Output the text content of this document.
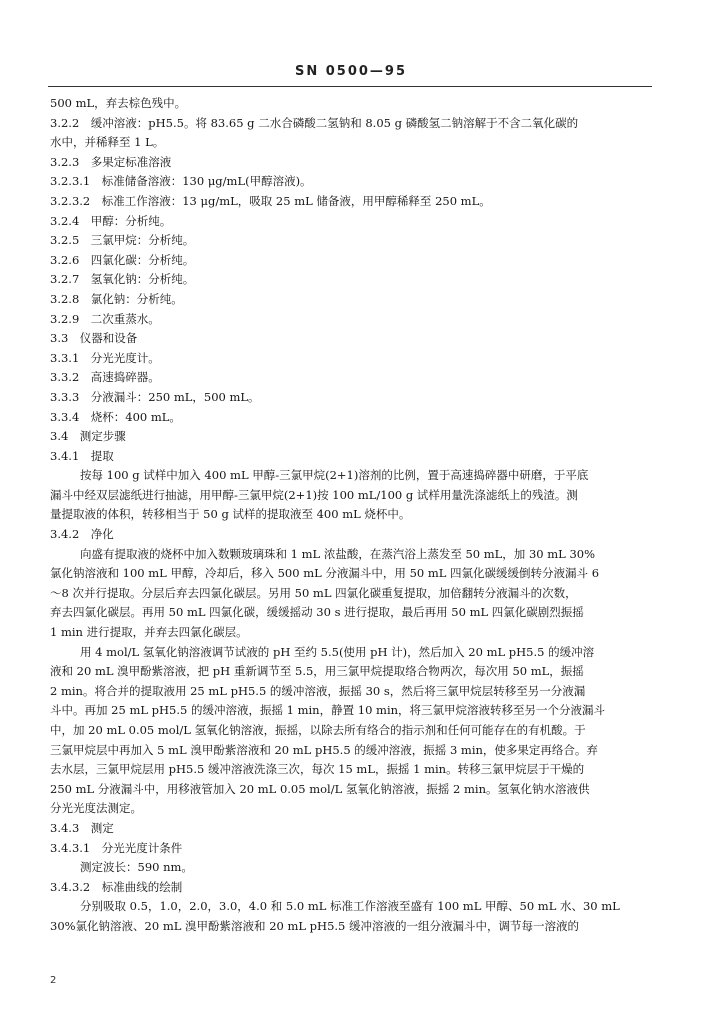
SN 0500—95
500 mL，弃去棕色残中。
3.2.2　缓冲溶液：pH5.5。将 83.65 g 二水合磷酸二氢钠和 8.05 g 磷酸氢二钠溶解于不含二氧化碳的
水中，并稀释至 1 L。
3.2.3　多果定标准溶液
3.2.3.1　标准储备溶液：130 μg/mL(甲醇溶液)。
3.2.3.2　标准工作溶液：13 μg/mL，吸取 25 mL 储备液，用甲醇稀释至 250 mL。
3.2.4　甲醇：分析纯。
3.2.5　三氯甲烷：分析纯。
3.2.6　四氯化碳：分析纯。
3.2.7　氢氧化钠：分析纯。
3.2.8　氯化钠：分析纯。
3.2.9　二次重蒸水。
3.3　仪器和设备
3.3.1　分光光度计。
3.3.2　高速捣碎器。
3.3.3　分液漏斗：250 mL，500 mL。
3.3.4　烧杯：400 mL。
3.4　测定步骤
3.4.1　提取
按每 100 g 试样中加入 400 mL 甲醇-三氯甲烷(2+1)溶剂的比例，置于高速捣碎器中研磨，于平底
漏斗中经双层滤纸进行抽滤，用甲醇-三氯甲烷(2+1)按 100 mL/100 g 试样用量洗涤滤纸上的残渣。测
量提取液的体积，转移相当于 50 g 试样的提取液至 400 mL 烧杯中。
3.4.2　净化
向盛有提取液的烧杯中加入数颗玻璃珠和 1 mL 浓盐酸，在蒸汽浴上蒸发至 50 mL，加 30 mL 30%
氯化钠溶液和 100 mL 甲醇，冷却后，移入 500 mL 分液漏斗中，用 50 mL 四氯化碳缓缓倒转分液漏斗 6
～8 次并行提取。分层后弃去四氯化碳层。另用 50 mL 四氯化碳重复提取，加倍翻转分液漏斗的次数，
弃去四氯化碳层。再用 50 mL 四氯化碳，缓缓摇动 30 s 进行提取，最后再用 50 mL 四氯化碳剧烈振摇
1 min 进行提取，并弃去四氯化碳层。
用 4 mol/L 氢氧化钠溶液调节试液的 pH 至约 5.5(使用 pH 计)，然后加入 20 mL pH5.5 的缓冲溶
液和 20 mL 溴甲酚紫溶液，把 pH 重新调节至 5.5，用三氯甲烷提取络合物两次，每次用 50 mL，振摇
2 min。将合并的提取液用 25 mL pH5.5 的缓冲溶液，振摇 30 s，然后将三氯甲烷层转移至另一分液漏
斗中。再加 25 mL pH5.5 的缓冲溶液，振摇 1 min，静置 10 min，将三氯甲烷溶液转移至另一个分液漏斗
中，加 20 mL 0.05 mol/L 氢氧化钠溶液，振摇，以除去所有络合的指示剂和任何可能存在的有机酸。于
三氯甲烷层中再加入 5 mL 溴甲酚紫溶液和 20 mL pH5.5 的缓冲溶液，振摇 3 min，使多果定再络合。弃
去水层，三氯甲烷层用 pH5.5 缓冲溶液洗涤三次，每次 15 mL，振摇 1 min。转移三氯甲烷层于干燥的
250 mL 分液漏斗中，用移液管加入 20 mL 0.05 mol/L 氢氧化钠溶液，振摇 2 min。氢氧化钠水溶液供
分光光度法测定。
3.4.3　测定
3.4.3.1　分光光度计条件
测定波长：590 nm。
3.4.3.2　标准曲线的绘制
分别吸取 0.5，1.0，2.0，3.0，4.0 和 5.0 mL 标准工作溶液至盛有 100 mL 甲醇、50 mL 水、30 mL
30%氯化钠溶液、20 mL 溴甲酚紫溶液和 20 mL pH5.5 缓冲溶液的一组分液漏斗中，调节每一溶液的
2
